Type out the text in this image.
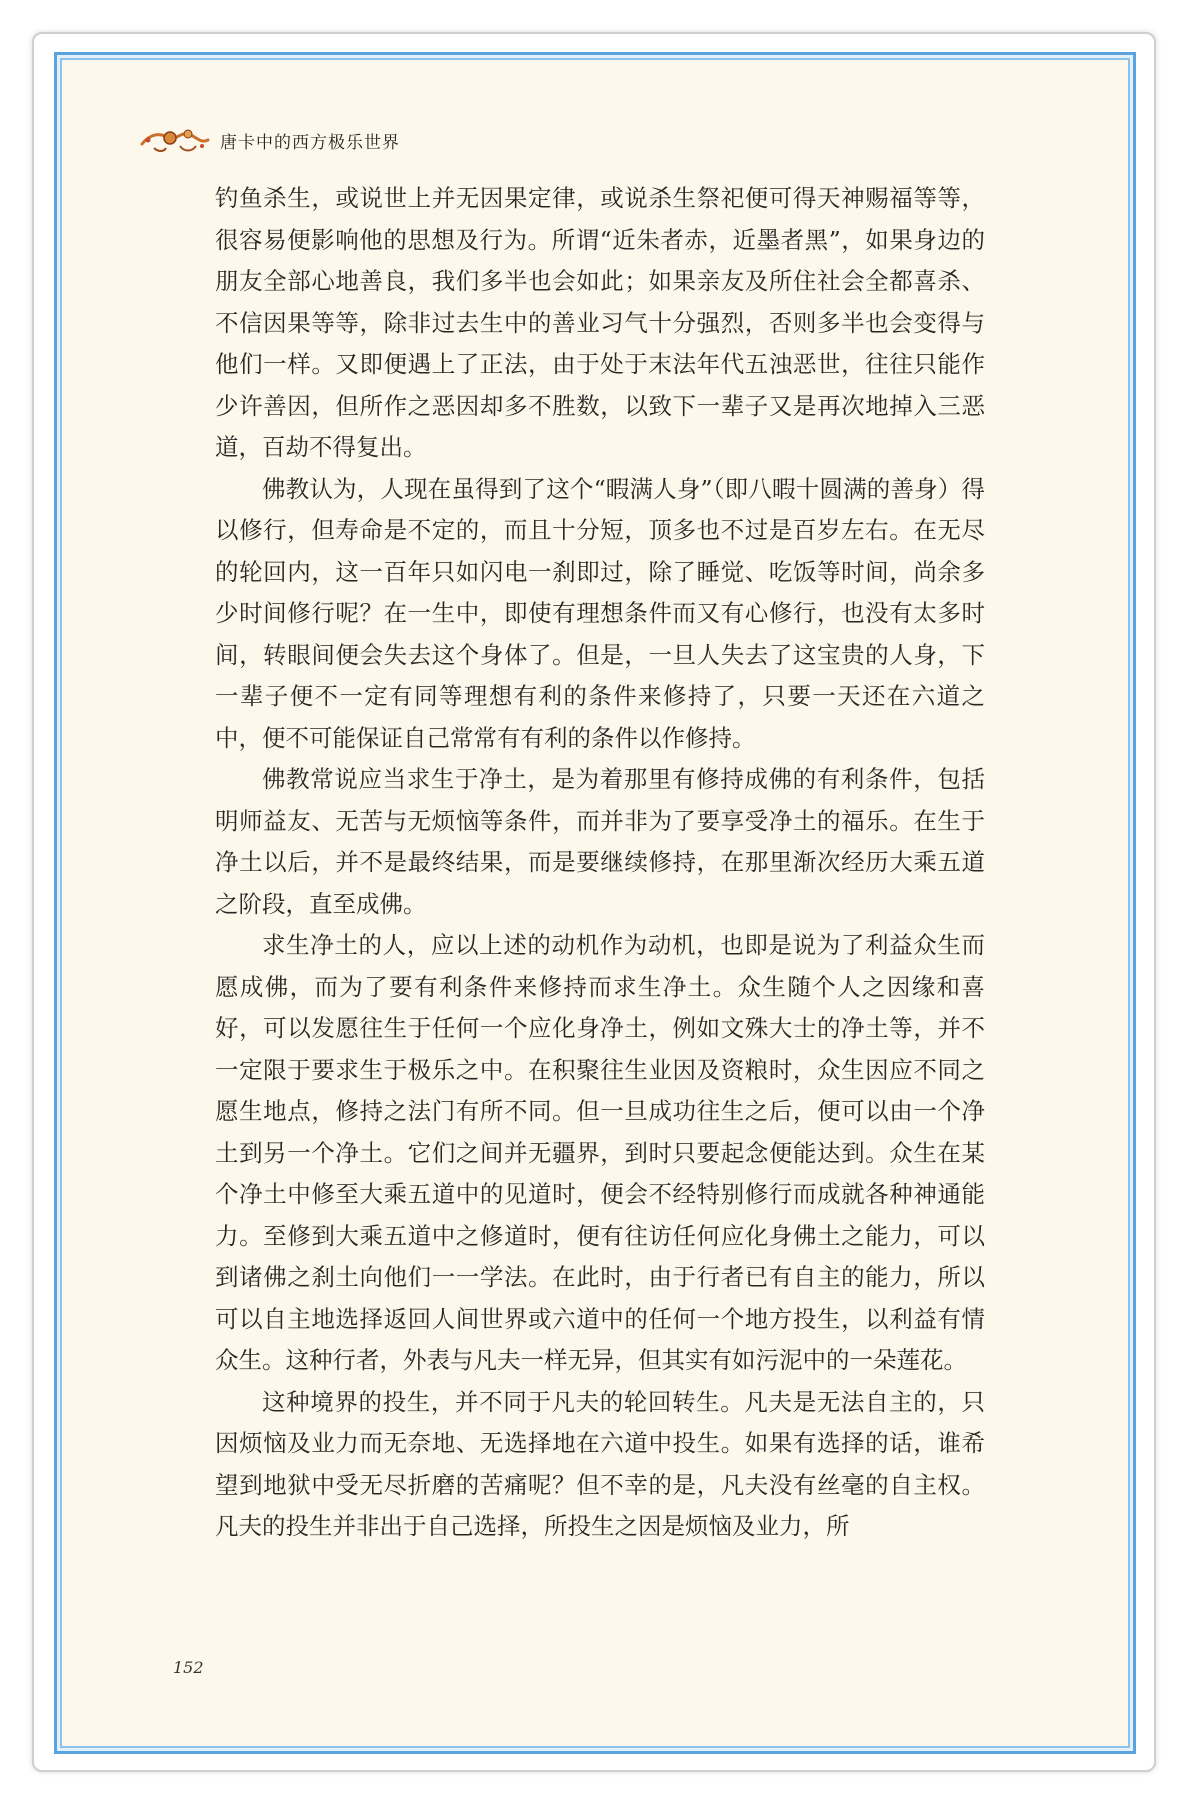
唐卡中的西方极乐世界

钓鱼杀生，或说世上并无因果定律，或说杀生祭祀便可得天神赐福等等，很容易便影响他的思想及行为。所谓“近朱者赤，近墨者黑”，如果身边的朋友全部心地善良，我们多半也会如此；如果亲友及所住社会全都喜杀、不信因果等等，除非过去生中的善业习气十分强烈，否则多半也会变得与他们一样。又即便遇上了正法，由于处于末法年代五浊恶世，往往只能作少许善因，但所作之恶因却多不胜数，以致下一辈子又是再次地掉入三恶道，百劫不得复出。

佛教认为，人现在虽得到了这个“暇满人身”（即八暇十圆满的善身）得以修行，但寿命是不定的，而且十分短，顶多也不过是百岁左右。在无尽的轮回内，这一百年只如闪电一刹即过，除了睡觉、吃饭等时间，尚余多少时间修行呢？在一生中，即使有理想条件而又有心修行，也没有太多时间，转眼间便会失去这个身体了。但是，一旦人失去了这宝贵的人身，下一辈子便不一定有同等理想有利的条件来修持了，只要一天还在六道之中，便不可能保证自己常常有有利的条件以作修持。

佛教常说应当求生于净土，是为着那里有修持成佛的有利条件，包括明师益友、无苦与无烦恼等条件，而并非为了要享受净土的福乐。在生于净土以后，并不是最终结果，而是要继续修持，在那里渐次经历大乘五道之阶段，直至成佛。

求生净土的人，应以上述的动机作为动机，也即是说为了利益众生而愿成佛，而为了要有利条件来修持而求生净土。众生随个人之因缘和喜好，可以发愿往生于任何一个应化身净土，例如文殊大士的净土等，并不一定限于要求生于极乐之中。在积聚往生业因及资粮时，众生因应不同之愿生地点，修持之法门有所不同。但一旦成功往生之后，便可以由一个净土到另一个净土。它们之间并无疆界，到时只要起念便能达到。众生在某个净土中修至大乘五道中的见道时，便会不经特别修行而成就各种神通能力。至修到大乘五道中之修道时，便有往访任何应化身佛土之能力，可以到诸佛之刹土向他们一一学法。在此时，由于行者已有自主的能力，所以可以自主地选择返回人间世界或六道中的任何一个地方投生，以利益有情众生。这种行者，外表与凡夫一样无异，但其实有如污泥中的一朵莲花。

这种境界的投生，并不同于凡夫的轮回转生。凡夫是无法自主的，只因烦恼及业力而无奈地、无选择地在六道中投生。如果有选择的话，谁希望到地狱中受无尽折磨的苦痛呢？但不幸的是，凡夫没有丝毫的自主权。凡夫的投生并非出于自己选择，所投生之因是烦恼及业力，所

152
